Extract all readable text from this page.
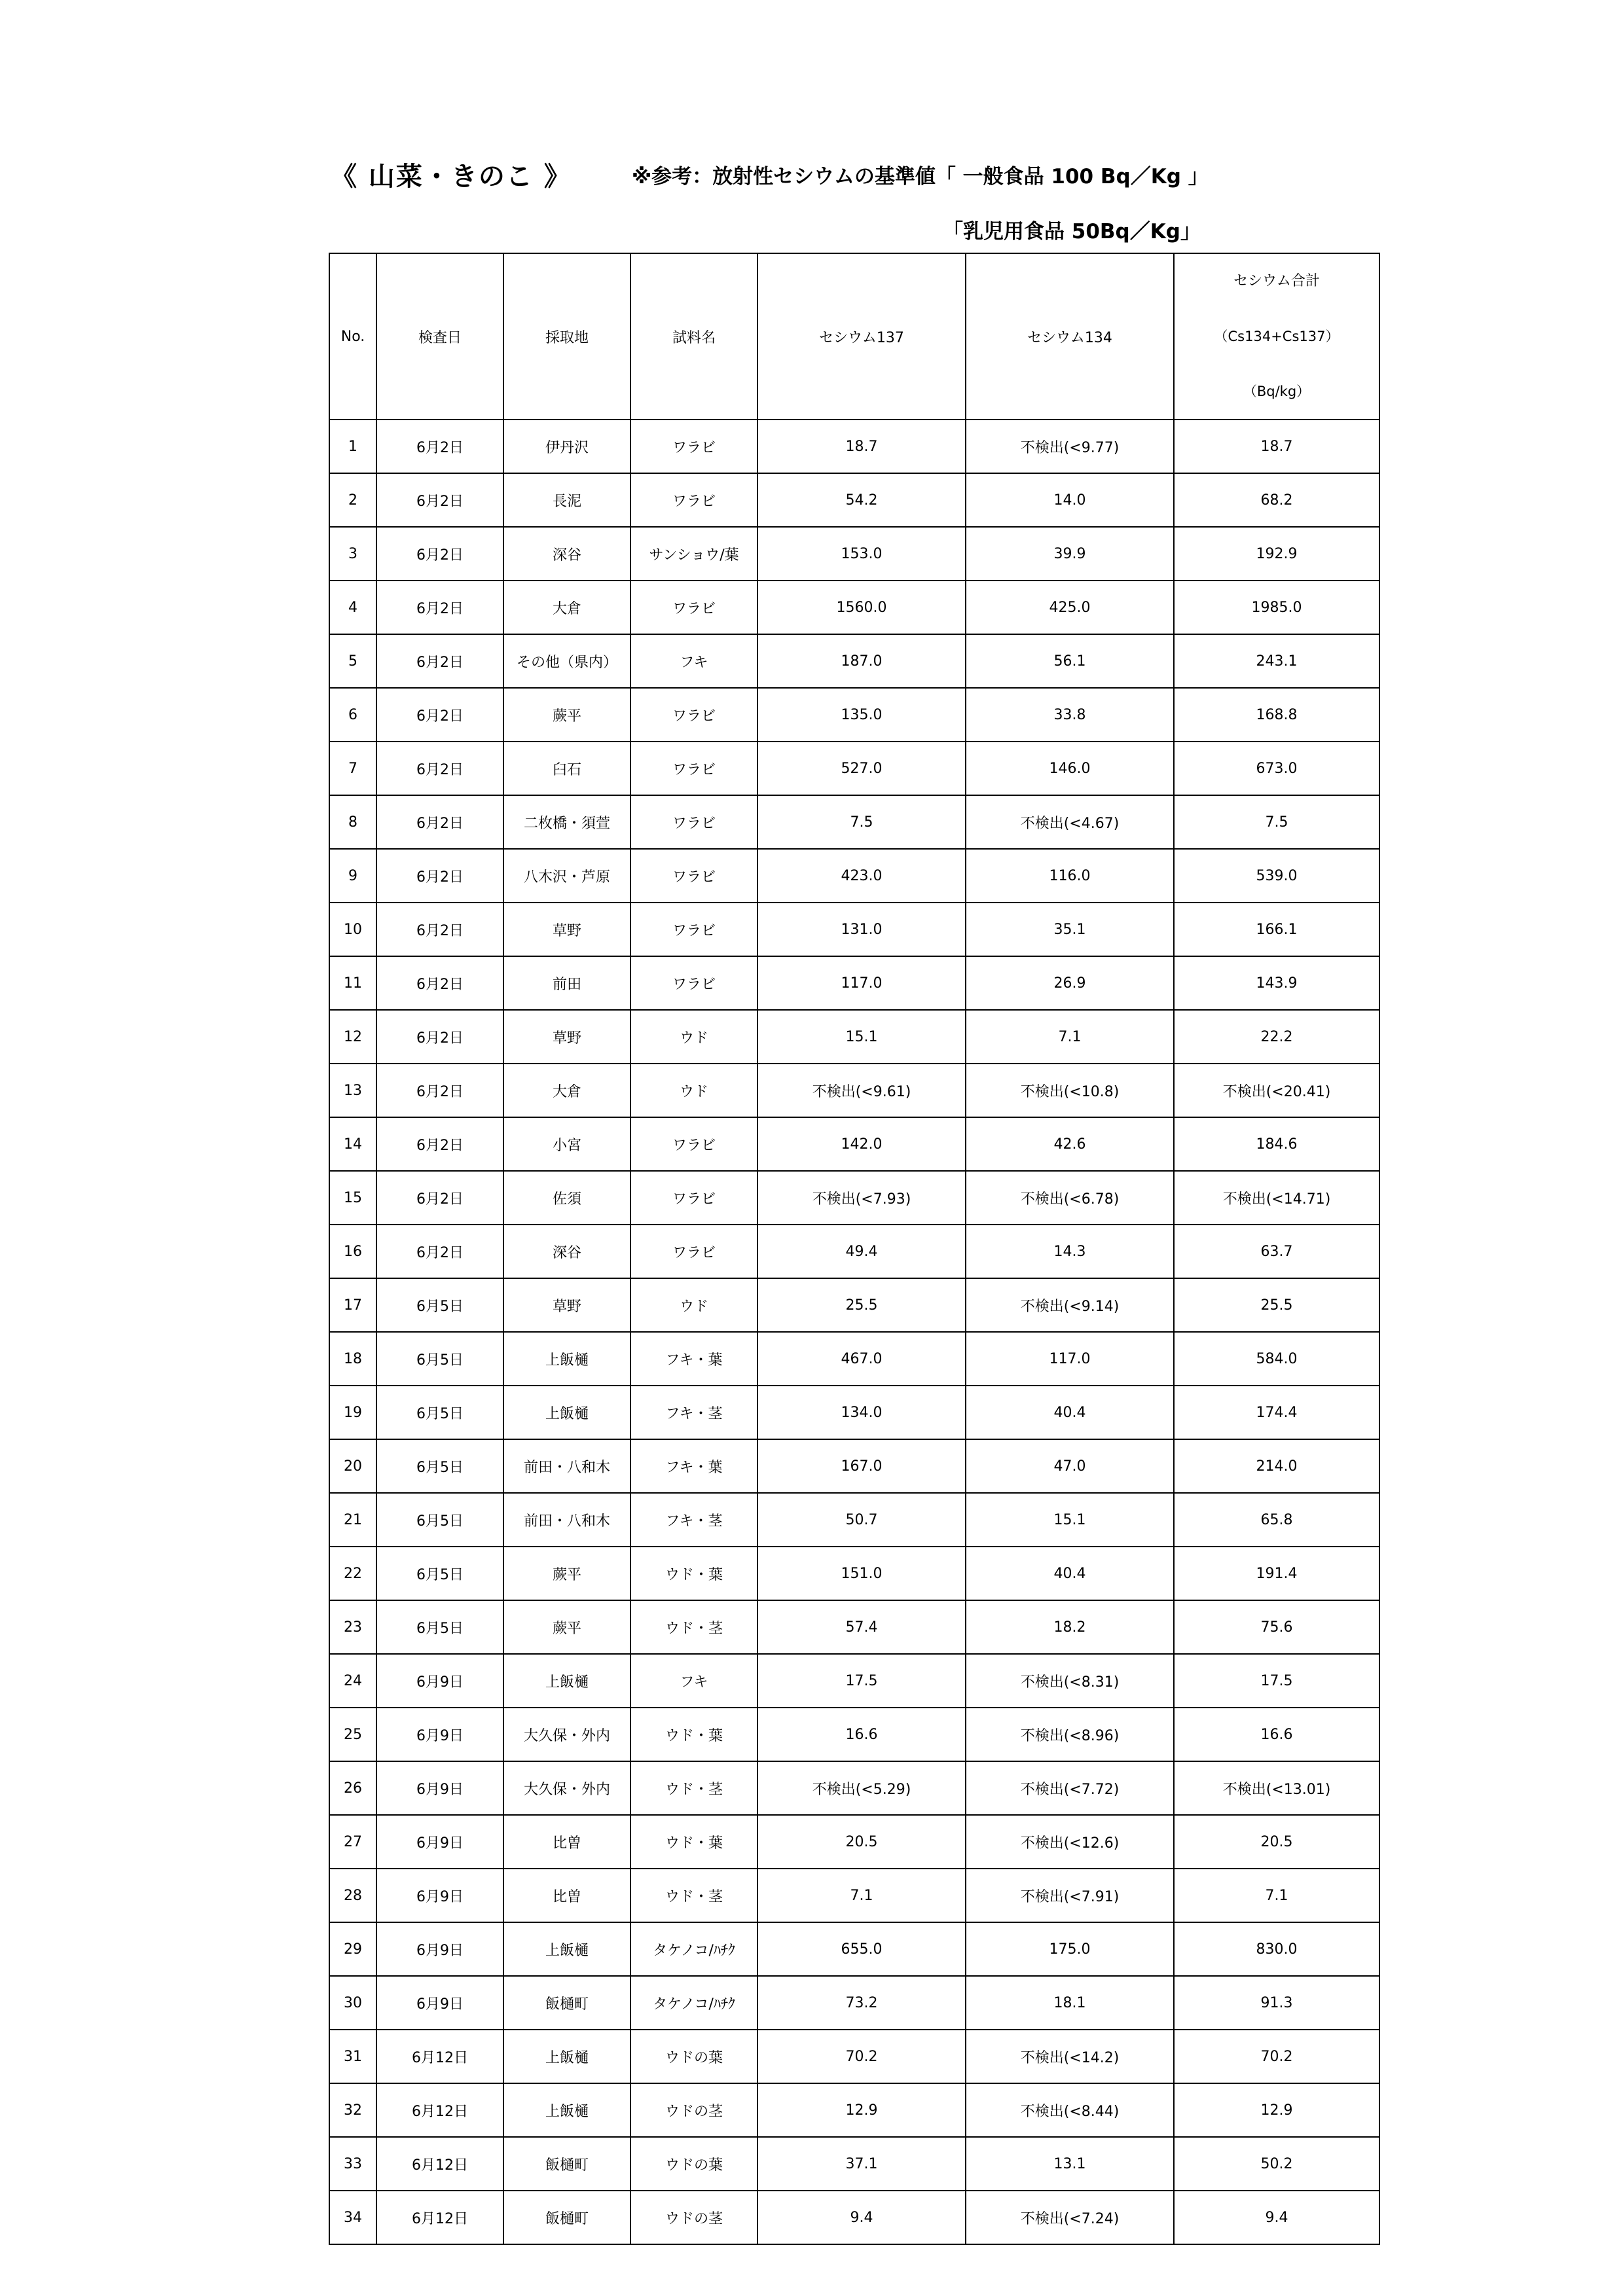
《 山菜・きのこ 》	※参考：放射性セシウムの基準値「 一般食品 100 Bq／Kg 」
「乳児用食品 50Bq／Kg」
No.	検査日	採取地	試料名	セシウム137	セシウム134	セシウム合計
（Cs134+Cs137）
（Bq/kg）

1	6月2日	伊丹沢	ワラビ	18.7	不検出(<9.77)	18.7
2	6月2日	長泥	ワラビ	54.2	14.0	68.2
3	6月2日	深谷	サンショウ/葉	153.0	39.9	192.9
4	6月2日	大倉	ワラビ	1560.0	425.0	1985.0
5	6月2日	その他（県内）	フキ	187.0	56.1	243.1
6	6月2日	蕨平	ワラビ	135.0	33.8	168.8
7	6月2日	臼石	ワラビ	527.0	146.0	673.0
8	6月2日	二枚橋・須萱	ワラビ	7.5	不検出(<4.67)	7.5
9	6月2日	八木沢・芦原	ワラビ	423.0	116.0	539.0
10	6月2日	草野	ワラビ	131.0	35.1	166.1
11	6月2日	前田	ワラビ	117.0	26.9	143.9
12	6月2日	草野	ウド	15.1	7.1	22.2
13	6月2日	大倉	ウド	不検出(<9.61)	不検出(<10.8)	不検出(<20.41)
14	6月2日	小宮	ワラビ	142.0	42.6	184.6
15	6月2日	佐須	ワラビ	不検出(<7.93)	不検出(<6.78)	不検出(<14.71)
16	6月2日	深谷	ワラビ	49.4	14.3	63.7
17	6月5日	草野	ウド	25.5	不検出(<9.14)	25.5
18	6月5日	上飯樋	フキ・葉	467.0	117.0	584.0
19	6月5日	上飯樋	フキ・茎	134.0	40.4	174.4
20	6月5日	前田・八和木	フキ・葉	167.0	47.0	214.0
21	6月5日	前田・八和木	フキ・茎	50.7	15.1	65.8
22	6月5日	蕨平	ウド・葉	151.0	40.4	191.4
23	6月5日	蕨平	ウド・茎	57.4	18.2	75.6
24	6月9日	上飯樋	フキ	17.5	不検出(<8.31)	17.5
25	6月9日	大久保・外内	ウド・葉	16.6	不検出(<8.96)	16.6
26	6月9日	大久保・外内	ウド・茎	不検出(<5.29)	不検出(<7.72)	不検出(<13.01)
27	6月9日	比曽	ウド・葉	20.5	不検出(<12.6)	20.5
28	6月9日	比曽	ウド・茎	7.1	不検出(<7.91)	7.1
29	6月9日	上飯樋	タケノコ/ﾊﾁｸ	655.0	175.0	830.0
30	6月9日	飯樋町	タケノコ/ﾊﾁｸ	73.2	18.1	91.3
31	6月12日	上飯樋	ウドの葉	70.2	不検出(<14.2)	70.2
32	6月12日	上飯樋	ウドの茎	12.9	不検出(<8.44)	12.9
33	6月12日	飯樋町	ウドの葉	37.1	13.1	50.2
34	6月12日	飯樋町	ウドの茎	9.4	不検出(<7.24)	9.4
